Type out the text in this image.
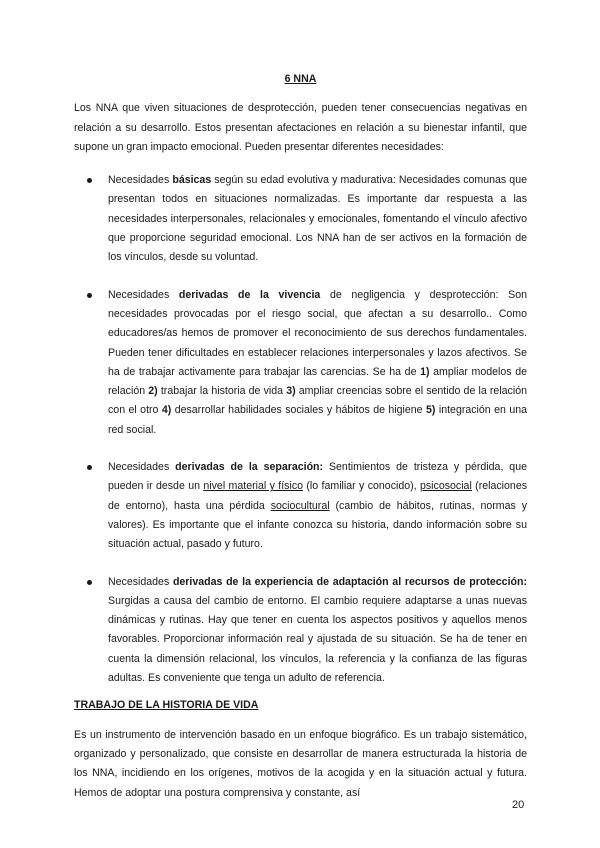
6 NNA

Los NNA que viven situaciones de desprotección, pueden tener consecuencias negativas en relación a su desarrollo. Estos presentan afectaciones en relación a su bienestar infantil, que supone un gran impacto emocional. Pueden presentar diferentes necesidades:

Necesidades básicas según su edad evolutiva y madurativa: Necesidades comunas que presentan todos en situaciones normalizadas. Es importante dar respuesta a las necesidades interpersonales, relacionales y emocionales, fomentando el vínculo afectivo que proporcione seguridad emocional. Los NNA han de ser activos en la formación de los vínculos, desde su voluntad.
Necesidades derivadas de la vivencia de negligencia y desprotección: Son necesidades provocadas por el riesgo social, que afectan a su desarrollo.. Como educadores/as hemos de promover el reconocimiento de sus derechos fundamentales. Pueden tener dificultades en establecer relaciones interpersonales y lazos afectivos. Se ha de trabajar activamente para trabajar las carencias. Se ha de 1) ampliar modelos de relación 2) trabajar la historia de vida 3) ampliar creencias sobre el sentido de la relación con el otro 4) desarrollar habilidades sociales y hábitos de higiene 5) integración en una red social.
Necesidades derivadas de la separación: Sentimientos de tristeza y pérdida, que pueden ir desde un nivel material y físico (lo familiar y conocido), psicosocial (relaciones de entorno), hasta una pérdida sociocultural (cambio de hábitos, rutinas, normas y valores). Es importante que el infante conozca su historia, dando información sobre su situación actual, pasado y futuro.
Necesidades derivadas de la experiencia de adaptación al recursos de protección: Surgidas a causa del cambio de entorno. El cambio requiere adaptarse a unas nuevas dinámicas y rutinas. Hay que tener en cuenta los aspectos positivos y aquellos menos favorables. Proporcionar información real y ajustada de su situación. Se ha de tener en cuenta la dimensión relacional, los vínculos, la referencia y la confianza de las figuras adultas. Es conveniente que tenga un adulto de referencia.
TRABAJO DE LA HISTORIA DE VIDA

Es un instrumento de intervención basado en un enfoque biográfico. Es un trabajo sistemático, organizado y personalizado, que consiste en desarrollar de manera estructurada la historia de los NNA, incidiendo en los orígenes, motivos de la acogida y en la situación actual y futura. Hemos de adoptar una postura comprensiva y constante, así

20
